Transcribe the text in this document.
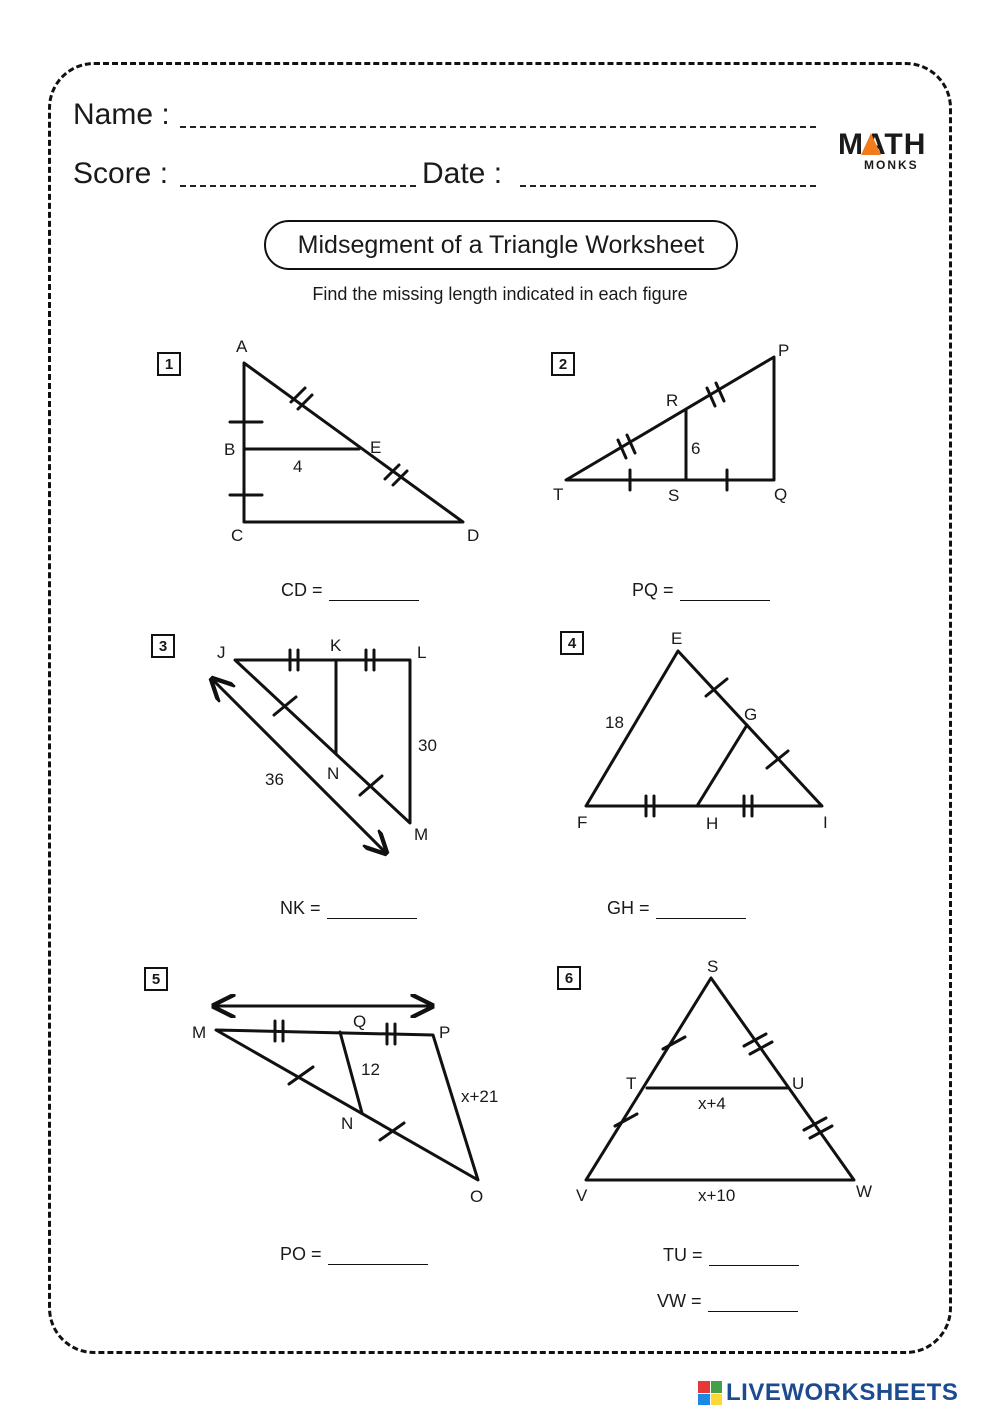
Name :
Score :	Date :
MATH
MONKS
Midsegment of a Triangle Worksheet
Find the missing length indicated in each figure
1	2
3	4
5	6
A
B	E
4
C	D
P
R
6
T	S	Q
J	K	L
30
N
36
M
E
18	G
F	H	I
M
Q
P
12
x+21
N
O
S
T	U
x+4
V	x+10	W
CD =	PQ =
NK =	GH =
PO =	TU =
VW =
LIVEWORKSHEETS
